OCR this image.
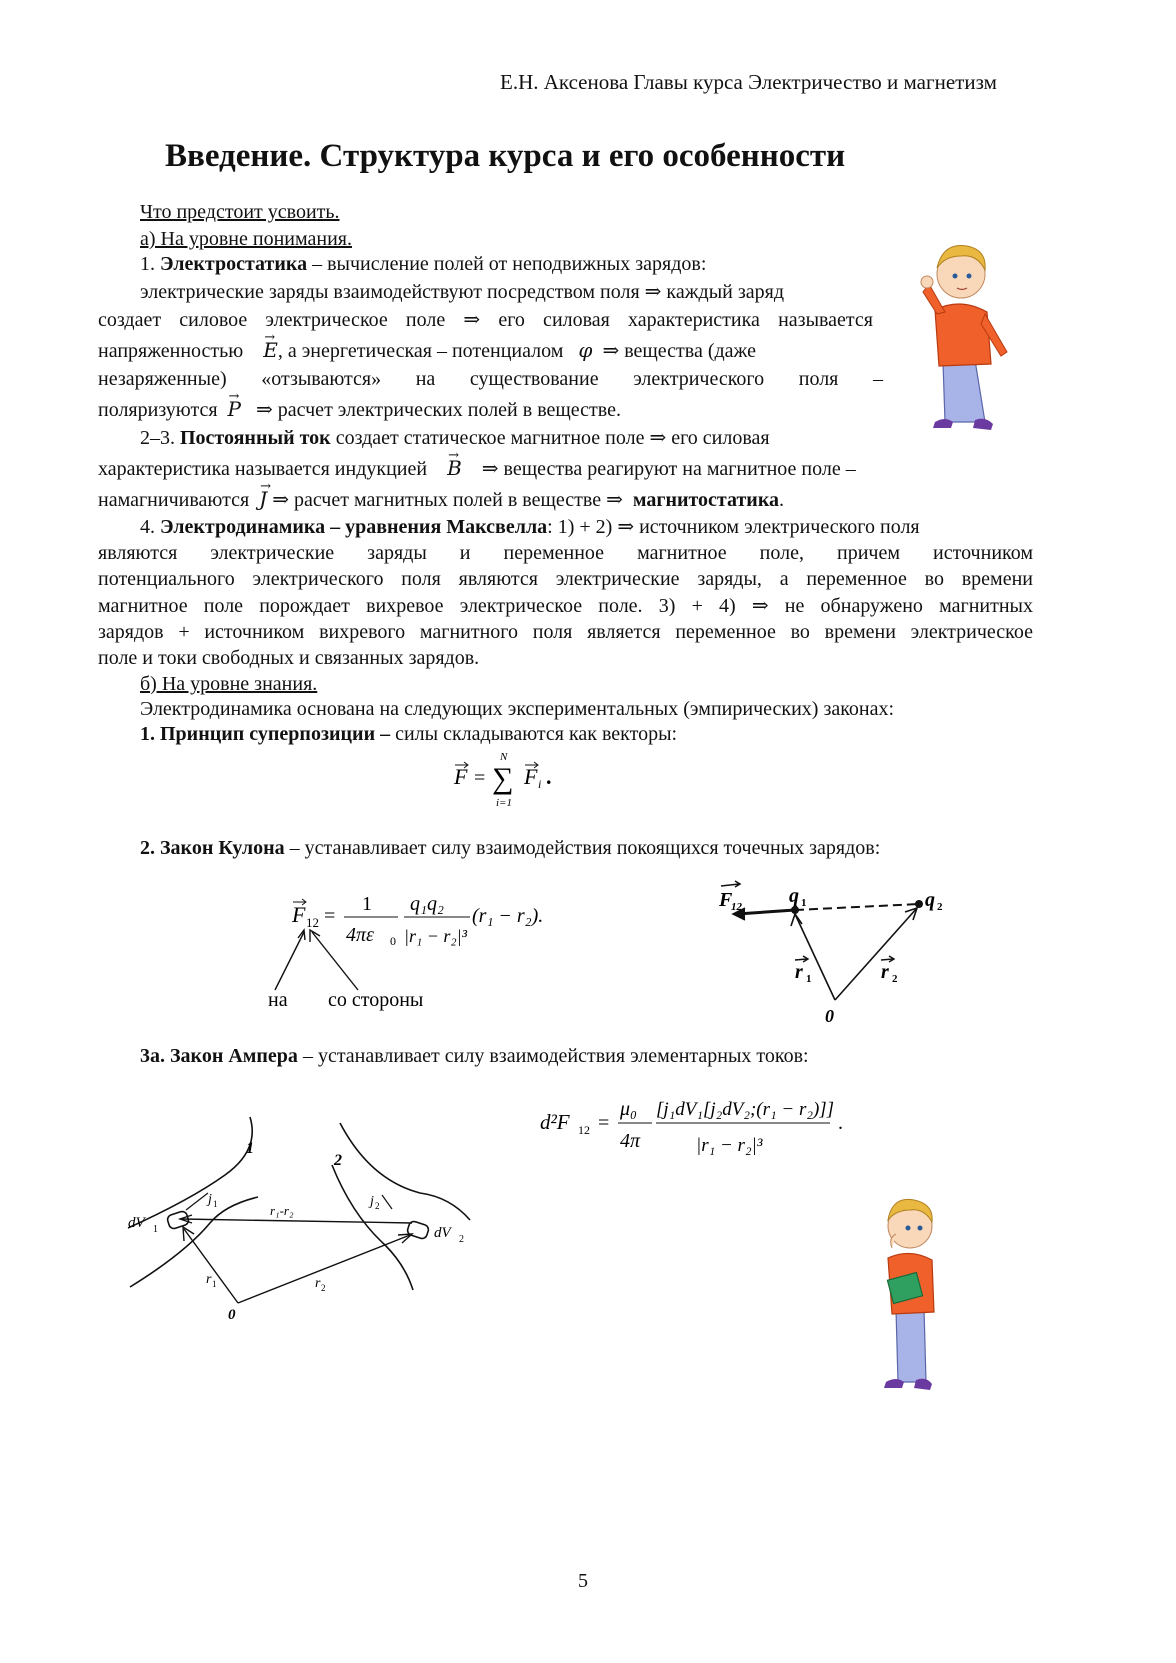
Е.Н. Аксенова Главы курса Электричество и магнетизм
Введение. Структура курса и его особенности
Что предстоит усвоить.
а) На уровне понимания.
1. Электростатика – вычисление полей от неподвижных зарядов:
электрические заряды взаимодействуют посредством поля ⇒ каждый заряд
создает силовое электрическое поле ⇒ его силовая характеристика называется
напряженностью → E, а энергетическая – потенциалом φ ⇒ вещества (даже
незаряженные) «отзываются» на существование электрического поля –
поляризуются → P ⇒ расчет электрических полей в веществе.
2–3. Постоянный ток создает статическое магнитное поле ⇒ его силовая
характеристика называется индукцией → B ⇒ вещества реагируют на магнитное поле –
намагничиваются → J ⇒ расчет магнитных полей в веществе ⇒ магнитостатика.
4. Электродинамика – уравнения Максвелла: 1) + 2) ⇒ источником электрического поля
являются электрические заряды и переменное магнитное поле, причем источником
потенциального электрического поля являются электрические заряды, а переменное во времени
магнитное поле порождает вихревое электрическое поле. 3) + 4) ⇒ не обнаружено магнитных
зарядов + источником вихревого магнитного поля является переменное во времени электрическое
поле и токи свободных и связанных зарядов.
б) На уровне знания.
Электродинамика основана на следующих экспериментальных (эмпирических) законах:
1. Принцип суперпозиции – силы складываются как векторы:
F =
N
∑
i=1
F i .
2. Закон Кулона – устанавливает силу взаимодействия покоящихся точечных зарядов:
F 12 =
1
4πε 0
q₁q₂
|r₁ − r₂|³
(r₁ − r₂).
на со стороны
F
12 q 1	q 2
r 1	r 2
0
3а. Закон Ампера – устанавливает силу взаимодействия элементарных токов:
d²F 12 =
μ₀
4π
[j₁dV₁[j₂dV₂;(r₁ − r₂)]]
|r₁ − r₂|³
.
1
2
dV 1	dV 2
j 1	j 2
r₁-r₂
r 1	r 2
0
5
